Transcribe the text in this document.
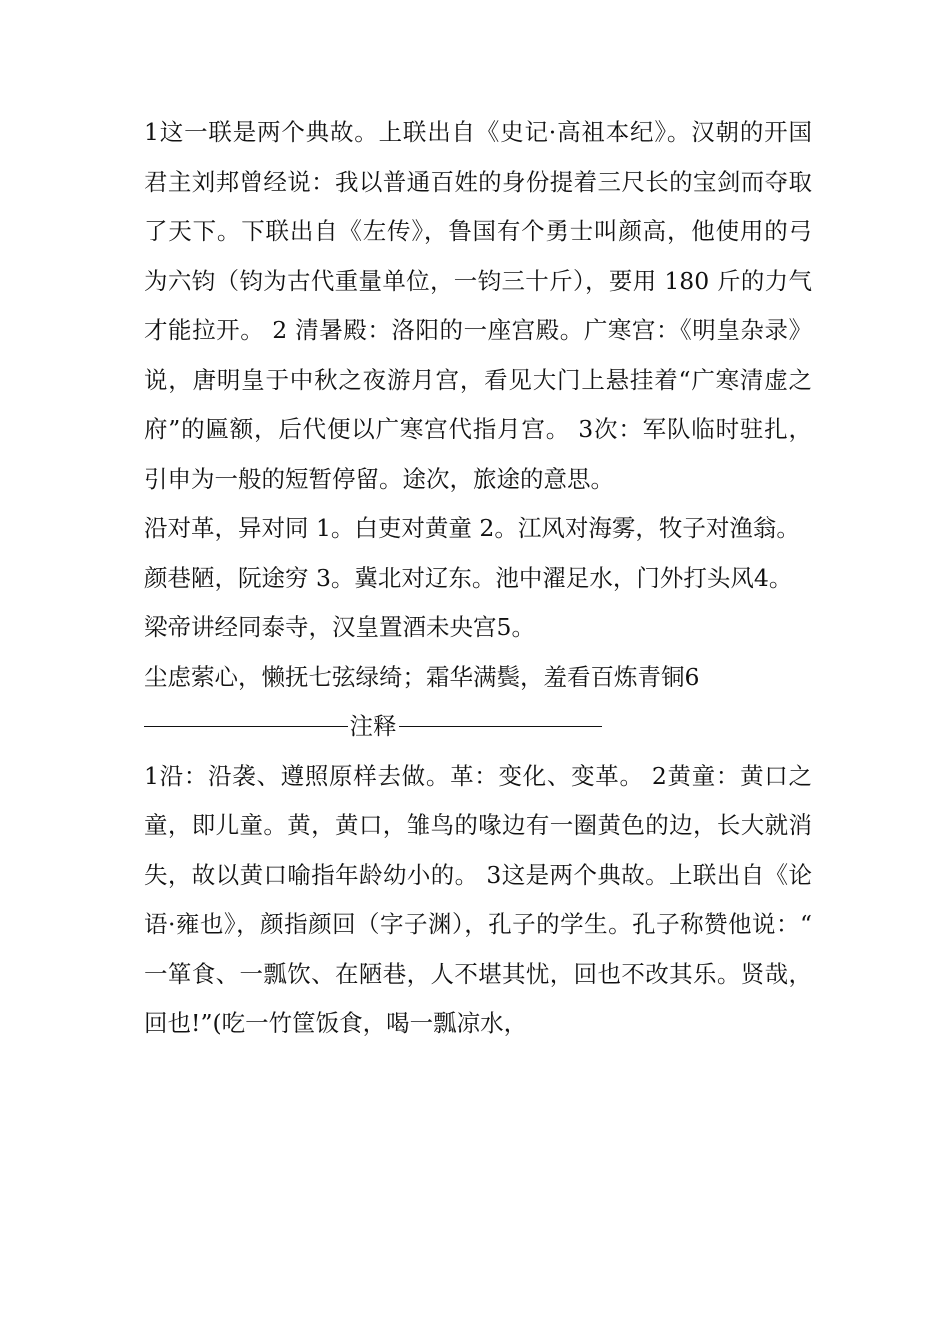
1这一联是两个典故。上联出自《史记·高祖本纪》。汉朝的开国君主刘邦曾经说：我以普通百姓的身份提着三尺长的宝剑而夺取了天下。下联出自《左传》，鲁国有个勇士叫颜高，他使用的弓为六钧（钧为古代重量单位，一钧三十斤），要用 180 斤的力气才能拉开。 2 清暑殿：洛阳的一座宫殿。广寒宫：《明皇杂录》说，唐明皇于中秋之夜游月宫，看见大门上悬挂着“广寒清虚之府”的匾额，后代便以广寒宫代指月宫。 3次：军队临时驻扎，引申为一般的短暂停留。途次，旅途的意思。

沿对革，异对同 1。白吏对黄童 2。江风对海雾，牧子对渔翁。

颜巷陋，阮途穷 3。冀北对辽东。池中濯足水，门外打头风4。

梁帝讲经同泰寺，汉皇置酒未央宫5。

尘虑萦心，懒抚七弦绿绮；霜华满鬓，羞看百炼青铜6

注释

1沿：沿袭、遵照原样去做。革：变化、变革。 2黄童：黄口之童，即儿童。黄，黄口，雏鸟的喙边有一圈黄色的边，长大就消失，故以黄口喻指年龄幼小的。 3这是两个典故。上联出自《论语·雍也》，颜指颜回（字子渊），孔子的学生。孔子称赞他说：“一箪食、一瓢饮、在陋巷，人不堪其忧，回也不改其乐。贤哉，回也!”(吃一竹筐饭食，喝一瓢凉水，
